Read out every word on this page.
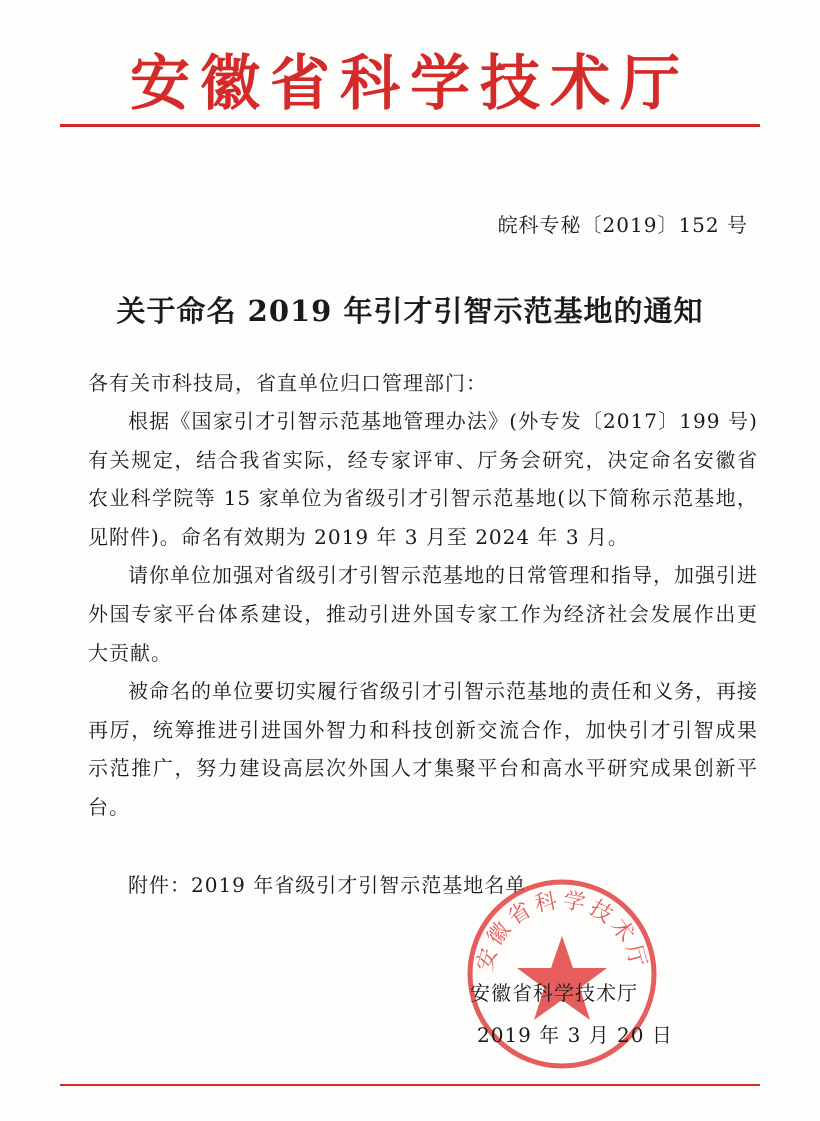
安徽省科学技术厅
皖科专秘〔2019〕152 号
关于命名 2019 年引才引智示范基地的通知
各有关市科技局，省直单位归口管理部门：

根据《国家引才引智示范基地管理办法》(外专发〔2017〕199 号)有关规定，结合我省实际，经专家评审、厅务会研究，决定命名安徽省农业科学院等 15 家单位为省级引才引智示范基地(以下简称示范基地，见附件)。命名有效期为 2019 年 3 月至 2024 年 3 月。

请你单位加强对省级引才引智示范基地的日常管理和指导，加强引进外国专家平台体系建设，推动引进外国专家工作为经济社会发展作出更大贡献。

被命名的单位要切实履行省级引才引智示范基地的责任和义务，再接再厉，统筹推进引进国外智力和科技创新交流合作，加快引才引智成果示范推广，努力建设高层次外国人才集聚平台和高水平研究成果创新平台。

附件：2019 年省级引才引智示范基地名单
安徽省科学技术厅
安徽省科学技术厅
2019 年 3 月 20 日
